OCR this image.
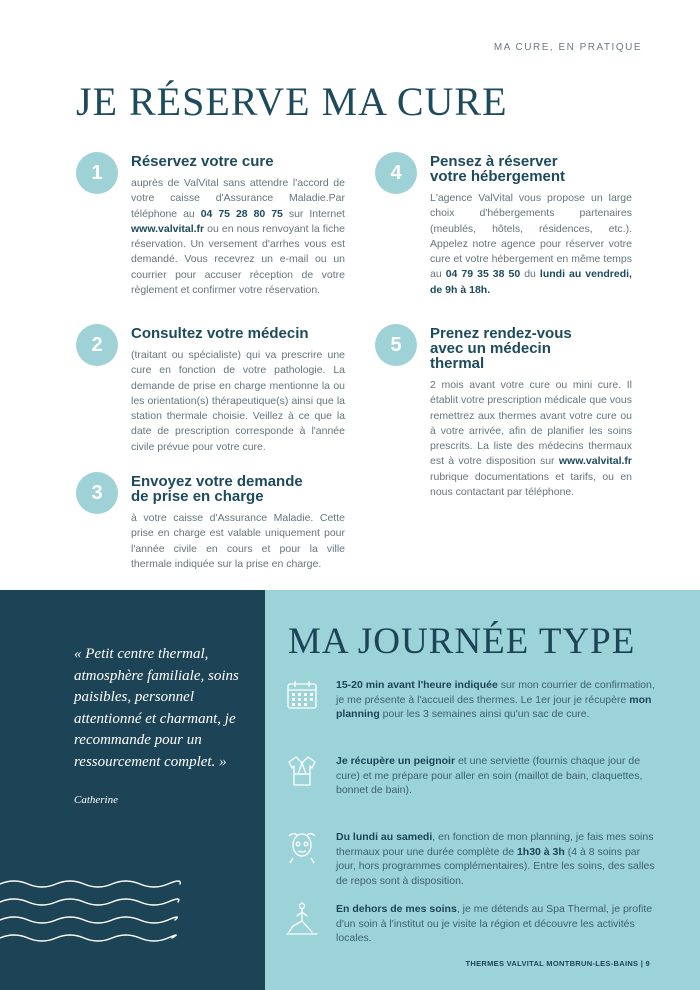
MA CURE, EN PRATIQUE
JE RÉSERVE MA CURE
1	Réservez votre cure
auprès de ValVital sans attendre l'accord de votre caisse d'Assurance Maladie.Par téléphone au 04 75 28 80 75 sur Internet www.valvital.fr ou en nous renvoyant la fiche réservation. Un versement d'arrhes vous est demandé. Vous recevrez un e-mail ou un courrier pour accuser réception de votre règlement et confirmer votre réservation.
2	Consultez votre médecin
(traitant ou spécialiste) qui va prescrire une cure en fonction de votre pathologie. La demande de prise en charge mentionne la ou les orientation(s) thérapeutique(s) ainsi que la station thermale choisie. Veillez à ce que la date de prescription corresponde à l'année civile prévue pour votre cure.
3	Envoyez votre demande
de prise en charge
à votre caisse d'Assurance Maladie. Cette prise en charge est valable uniquement pour l'année civile en cours et pour la ville thermale indiquée sur la prise en charge.
4	Pensez à réserver
votre hébergement
L'agence ValVital vous propose un large choix d'hébergements partenaires (meublés, hôtels, résidences, etc.). Appelez notre agence pour réserver votre cure et votre hébergement en même temps au 04 79 35 38 50 du lundi au vendredi, de 9h à 18h.
5	Prenez rendez-vous
avec un médecin
thermal
2 mois avant votre cure ou mini cure. Il établit votre prescription médicale que vous remettrez aux thermes avant votre cure ou à votre arrivée, afin de planifier les soins prescrits. La liste des médecins thermaux est à votre disposition sur www.valvital.fr rubrique documentations et tarifs, ou en nous contactant par téléphone.
« Petit centre thermal, atmosphère familiale, soins paisibles, personnel attentionné et charmant, je recommande pour un ressourcement complet. »
Catherine
MA JOURNÉE TYPE
15-20 min avant l'heure indiquée sur mon courrier de confirmation, je me présente à l'accueil des thermes. Le 1er jour je récupère mon planning pour les 3 semaines ainsi qu'un sac de cure.
Je récupère un peignoir et une serviette (fournis chaque jour de cure) et me prépare pour aller en soin (maillot de bain, claquettes, bonnet de bain).
Du lundi au samedi, en fonction de mon planning, je fais mes soins thermaux pour une durée complète de 1h30 à 3h (4 à 8 soins par jour, hors programmes complémentaires). Entre les soins, des salles de repos sont à disposition.
En dehors de mes soins, je me détends au Spa Thermal, je profite d'un soin à l'institut ou je visite la région et découvre les activités locales.
THERMES VALVITAL MONTBRUN-LES-BAINS | 9
